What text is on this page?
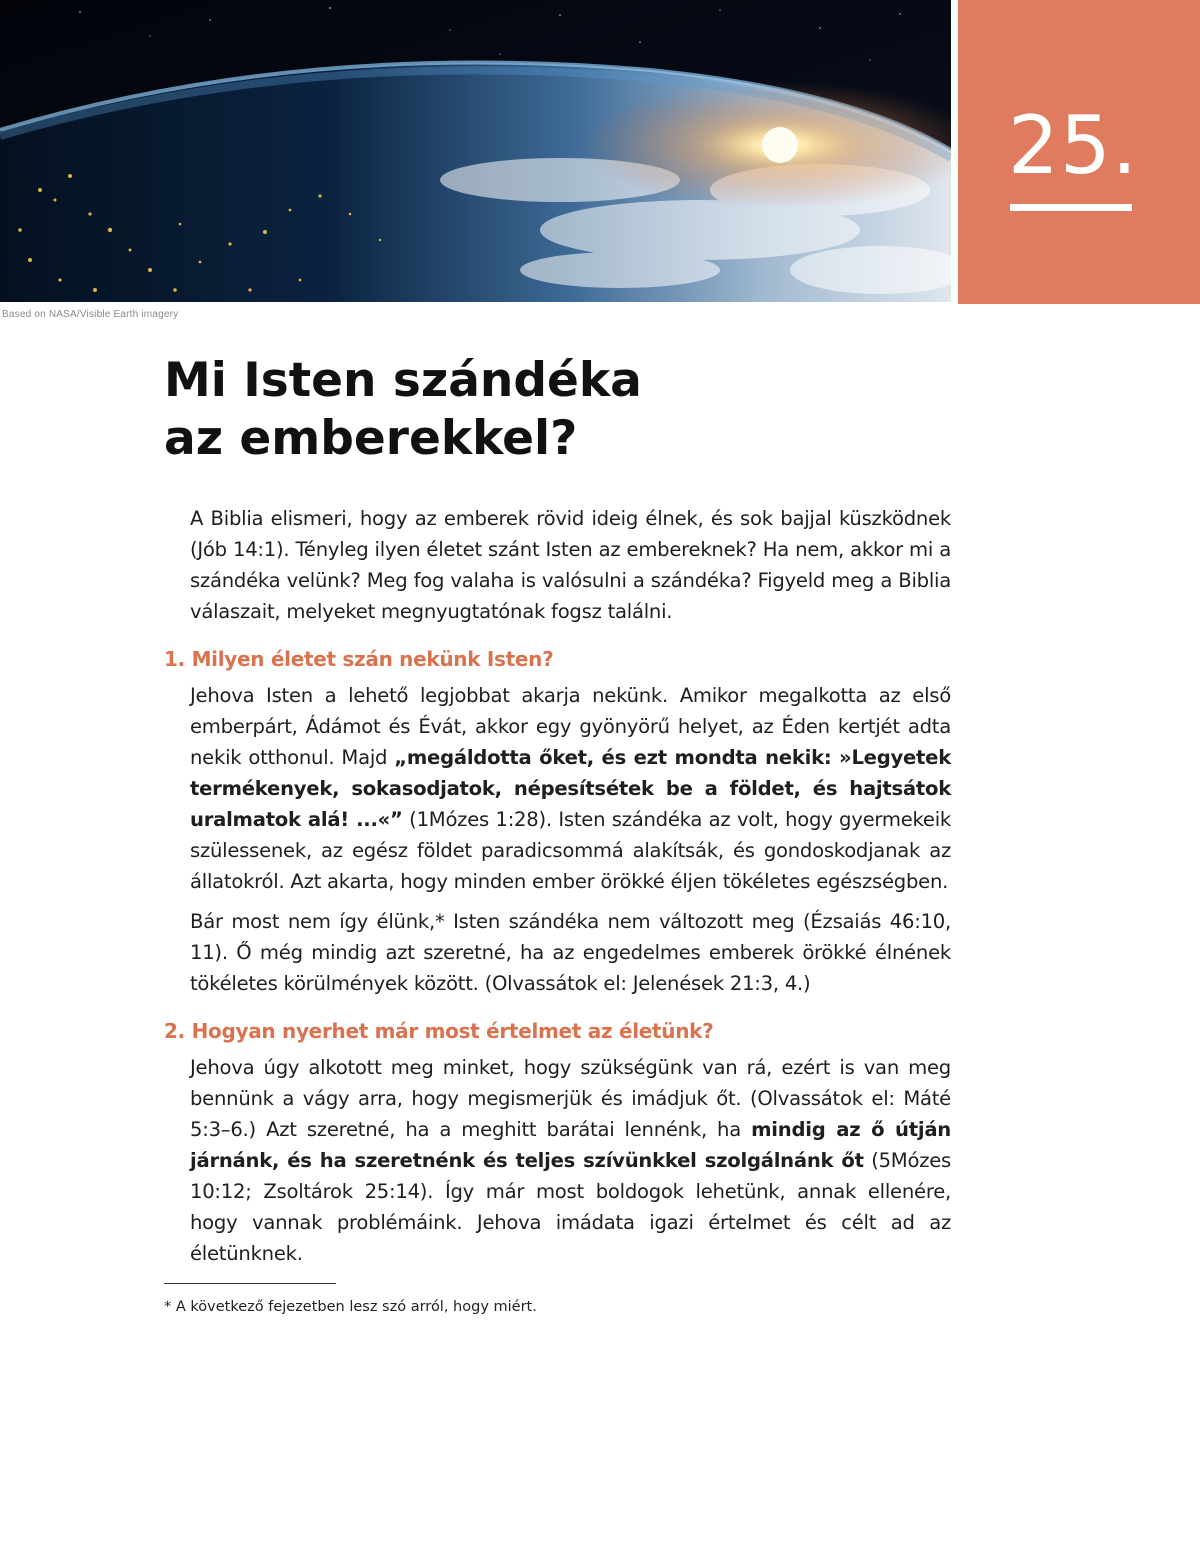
Based on NASA/Visible Earth imagery
25.
Mi Isten szándéka
az emberekkel?

A Biblia elismeri, hogy az emberek rövid ideig élnek, és sok bajjal küszködnek (Jób 14:1). Tényleg ilyen életet szánt Isten az embereknek? Ha nem, akkor mi a szándéka velünk? Meg fog valaha is valósulni a szándéka? Figyeld meg a Biblia válaszait, melyeket megnyugtatónak fogsz találni.

1. Milyen életet szán nekünk Isten?

Jehova Isten a lehető legjobbat akarja nekünk. Amikor megalkotta az első emberpárt, Ádámot és Évát, akkor egy gyönyörű helyet, az Éden kertjét adta nekik otthonul. Majd „megáldotta őket, és ezt mondta nekik: »Legyetek termékenyek, sokasodjatok, népesítsétek be a földet, és hajtsátok uralmatok alá! ...«” (1Mózes 1:28). Isten szándéka az volt, hogy gyermekeik szülessenek, az egész földet paradicsommá alakítsák, és gondoskodjanak az állatokról. Azt akarta, hogy minden ember örökké éljen tökéletes egészségben.

Bár most nem így élünk,* Isten szándéka nem változott meg (Ézsaiás 46:10, 11). Ő még mindig azt szeretné, ha az engedelmes emberek örökké élnének tökéletes körülmények között. (Olvassátok el: Jelenések 21:3, 4.)

2. Hogyan nyerhet már most értelmet az életünk?

Jehova úgy alkotott meg minket, hogy szükségünk van rá, ezért is van meg bennünk a vágy arra, hogy megismerjük és imádjuk őt. (Olvassátok el: Máté 5:3–6.) Azt szeretné, ha a meghitt barátai lennénk, ha mindig az ő útján járnánk, és ha szeretnénk és teljes szívünkkel szolgálnánk őt (5Mózes 10:12; Zsoltárok 25:14). Így már most boldogok lehetünk, annak ellenére, hogy vannak problémáink. Jehova imádata igazi értelmet és célt ad az életünknek.

* A következő fejezetben lesz szó arról, hogy miért.
